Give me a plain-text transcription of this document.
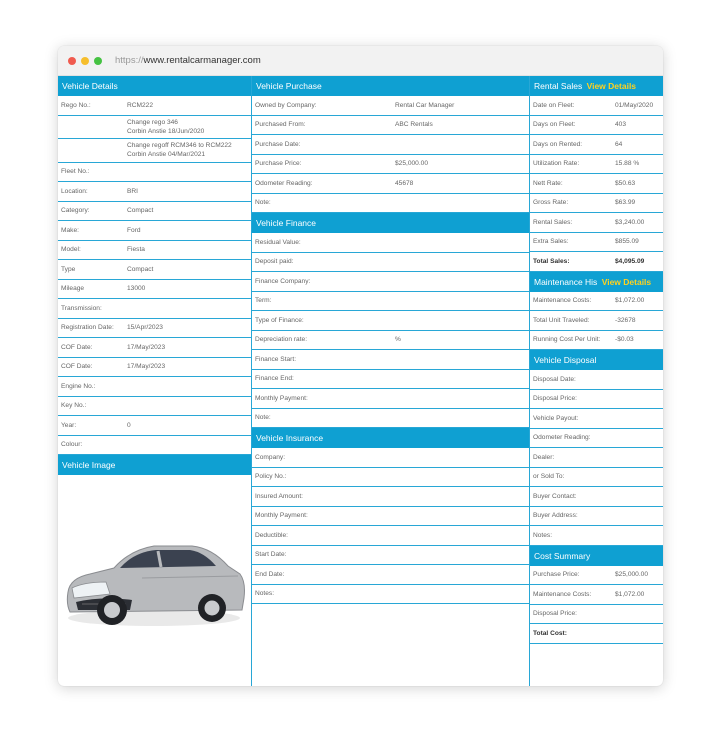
https://www.rentalcarmanager.com
Vehicle Details
Rego No.:	RCM222
Change rego 346
Corbin Anstie 18/Jun/2020
Change regoff RCM346 to RCM222
Corbin Anstie 04/Mar/2021
Fleet No.:
Location:	BRI
Category:	Compact
Make:	Ford
Model:	Fiesta
Type	Compact
Mileage	13000
Transmission:
Registration Date:	15/Apr/2023
COF Date:	17/May/2023
COF Date:	17/May/2023
Engine No.:
Key No.:
Year:	0
Colour:
Vehicle Image
Vehicle Purchase
Owned by Company:	Rental Car Manager
Purchased From:	ABC Rentals
Purchase Date:
Purchase Price:	$25,000.00
Odometer Reading:	45678
Note:
Vehicle Finance
Residual Value:
Deposit paid:
Finance Company:
Term:
Type of Finance:
Depreciation rate:	%
Finance Start:
Finance End:
Monthly Payment:
Note:
Vehicle Insurance
Company:
Policy No.:
Insured Amount:
Monthly Payment:
Deductible:
Start Date:
End Date:
Notes:
Rental Sales View Details
Date on Fleet:	01/May/2020
Days on Fleet:	403
Days on Rented:	64
Utilization Rate:	15.88 %
Nett Rate:	$50.63
Gross Rate:	$63.99
Rental Sales:	$3,240.00
Extra Sales:	$855.09
Total Sales:	$4,095.09
Maintenance His View Details
Maintenance Costs:	$1,072.00
Total Unit Traveled:	-32678
Running Cost Per Unit:	-$0.03
Vehicle Disposal
Disposal Date:
Disposal Price:
Vehicle Payout:
Odometer Reading:
Dealer:
or Sold To:
Buyer Contact:
Buyer Address:
Notes:
Cost Summary
Purchase Price:	$25,000.00
Maintenance Costs:	$1,072.00
Disposal Price:
Total Cost:
